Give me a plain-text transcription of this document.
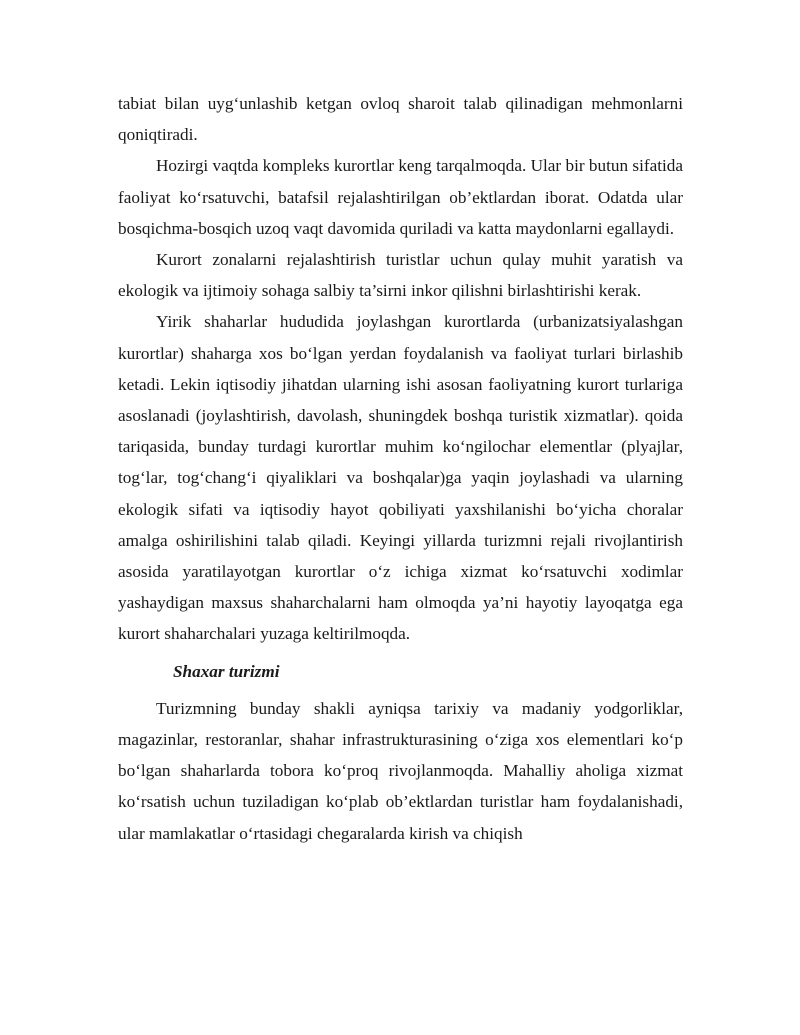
tabiat bilan uyg‘unlashib ketgan ovloq sharoit talab qilinadigan mehmonlarni qoniqtiradi.

Hozirgi vaqtda kompleks kurortlar keng tarqalmoqda. Ular bir butun sifatida faoliyat ko‘rsatuvchi, batafsil rejalashtirilgan ob’ektlardan iborat. Odatda ular bosqichma-bosqich uzoq vaqt davomida quriladi va katta maydonlarni egallaydi.

Kurort zonalarni rejalashtirish turistlar uchun qulay muhit yaratish va ekologik va ijtimoiy sohaga salbiy ta’sirni inkor qilishni birlashtirishi kerak.

Yirik shaharlar hududida joylashgan kurortlarda (urbanizatsiyalashgan kurortlar) shaharga xos bo‘lgan yerdan foydalanish va faoliyat turlari birlashib ketadi. Lekin iqtisodiy jihatdan ularning ishi asosan faoliyatning kurort turlariga asoslanadi (joylashtirish, davolash, shuningdek boshqa turistik xizmatlar). qoida tariqasida, bunday turdagi kurortlar muhim ko‘ngilochar elementlar (plyajlar, tog‘lar, tog‘chang‘i qiyaliklari va boshqalar)ga yaqin joylashadi va ularning ekologik sifati va iqtisodiy hayot qobiliyati yaxshilanishi bo‘yicha choralar amalga oshirilishini talab qiladi. Keyingi yillarda turizmni rejali rivojlantirish asosida yaratilayotgan kurortlar o‘z ichiga xizmat ko‘rsatuvchi xodimlar yashaydigan maxsus shaharchalarni ham olmoqda ya’ni hayotiy layoqatga ega kurort shaharchalari yuzaga keltirilmoqda.

Shaxar turizmi

Turizmning bunday shakli ayniqsa tarixiy va madaniy yodgorliklar, magazinlar, restoranlar, shahar infrastrukturasining o‘ziga xos elementlari ko‘p bo‘lgan shaharlarda tobora ko‘proq rivojlanmoqda. Mahalliy aholiga xizmat ko‘rsatish uchun tuziladigan ko‘plab ob’ektlardan turistlar ham foydalanishadi, ular mamlakatlar o‘rtasidagi chegaralarda kirish va chiqish
